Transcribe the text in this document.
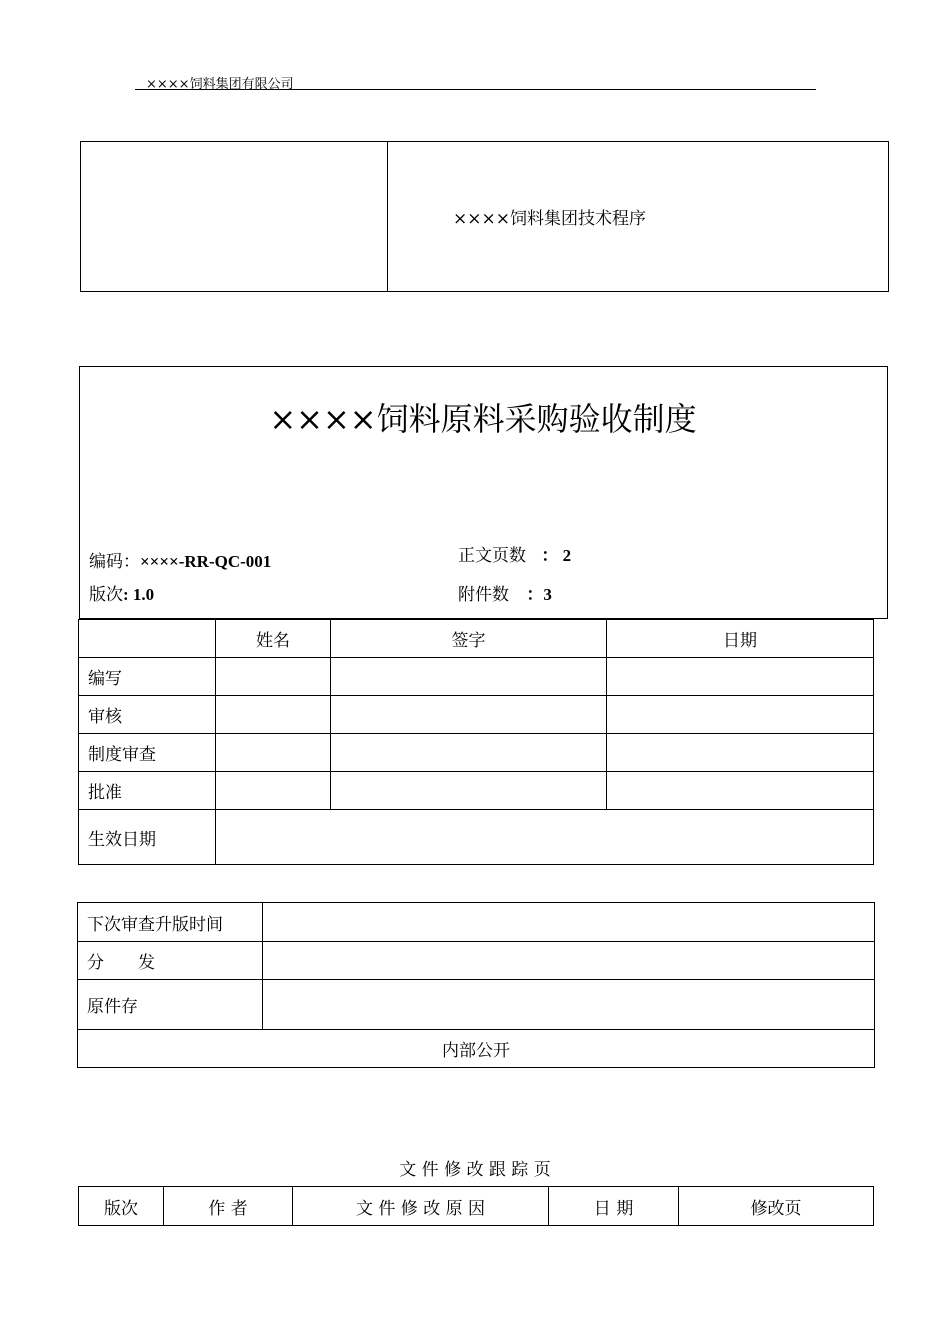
××××饲料集团有限公司
××××饲料集团技术程序
××××饲料原料采购验收制度
编码：××××-RR-QC-001
版次: 1.0
正文页数 ： 2
附件数 ：3
	姓名	签字	日期
编写			
审核			
制度审查			
批准			
生效日期			
下次审查升版时间	
分　　发	
原件存	
内部公开	
文 件 修 改 跟 踪 页
版次	作 者	文 件 修 改 原 因	日 期	修改页
